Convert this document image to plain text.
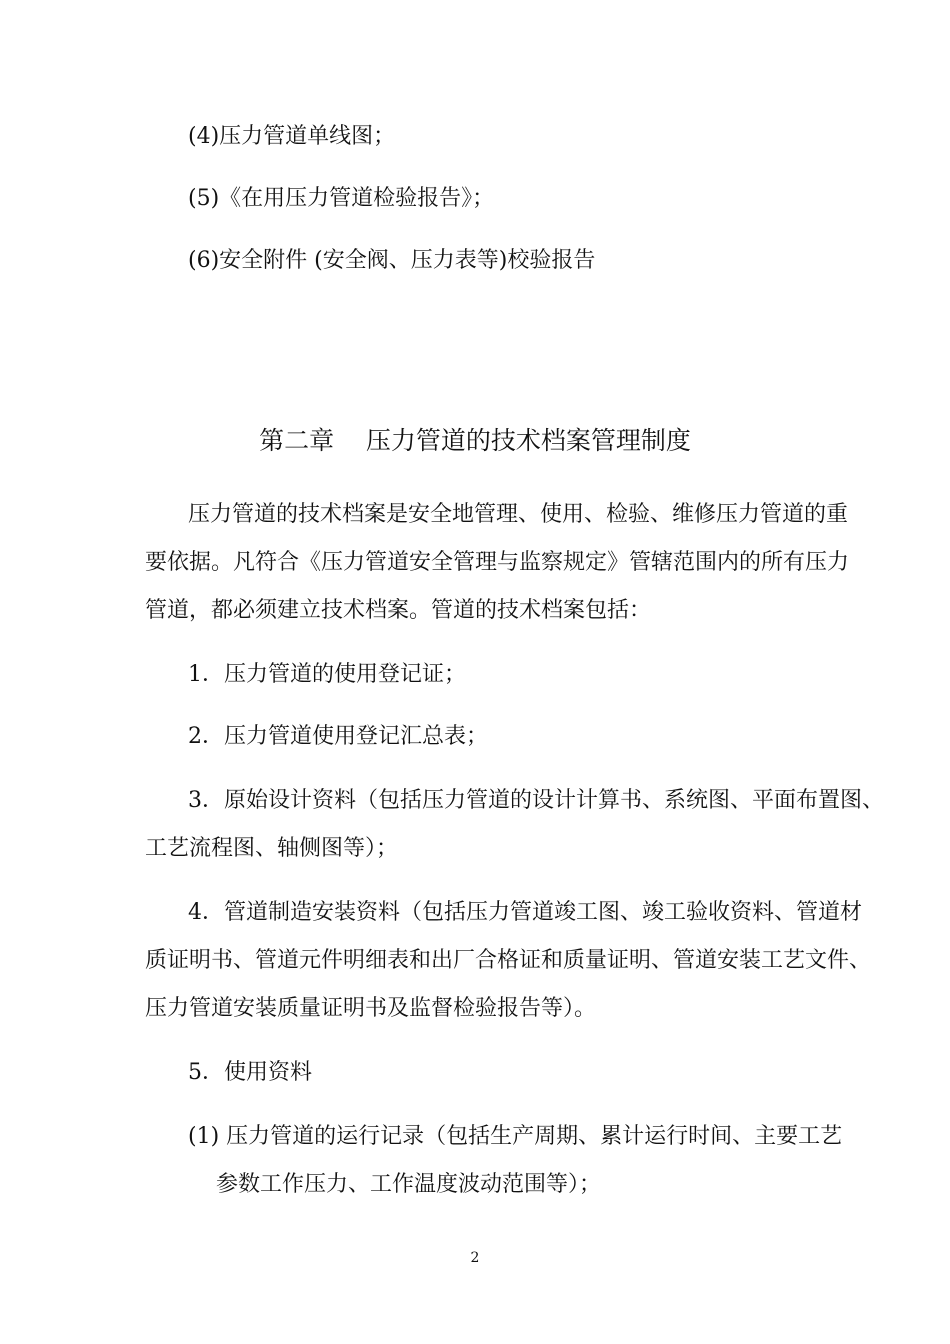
(4)压力管道单线图；
(5)《在用压力管道检验报告》；
(6)安全附件 (安全阀、压力表等)校验报告
第二章    压力管道的技术档案管理制度
压力管道的技术档案是安全地管理、使用、检验、维修压力管道的重
要依据。凡符合《压力管道安全管理与监察规定》管辖范围内的所有压力
管道，都必须建立技术档案。管道的技术档案包括：
1．压力管道的使用登记证；
2．压力管道使用登记汇总表；
3．原始设计资料（包括压力管道的设计计算书、系统图、平面布置图、
工艺流程图、轴侧图等）；
4．管道制造安装资料（包括压力管道竣工图、竣工验收资料、管道材
质证明书、管道元件明细表和出厂合格证和质量证明、管道安装工艺文件、
压力管道安装质量证明书及监督检验报告等）。
5．使用资料
(1) 压力管道的运行记录（包括生产周期、累计运行时间、主要工艺
参数工作压力、工作温度波动范围等）；
2
